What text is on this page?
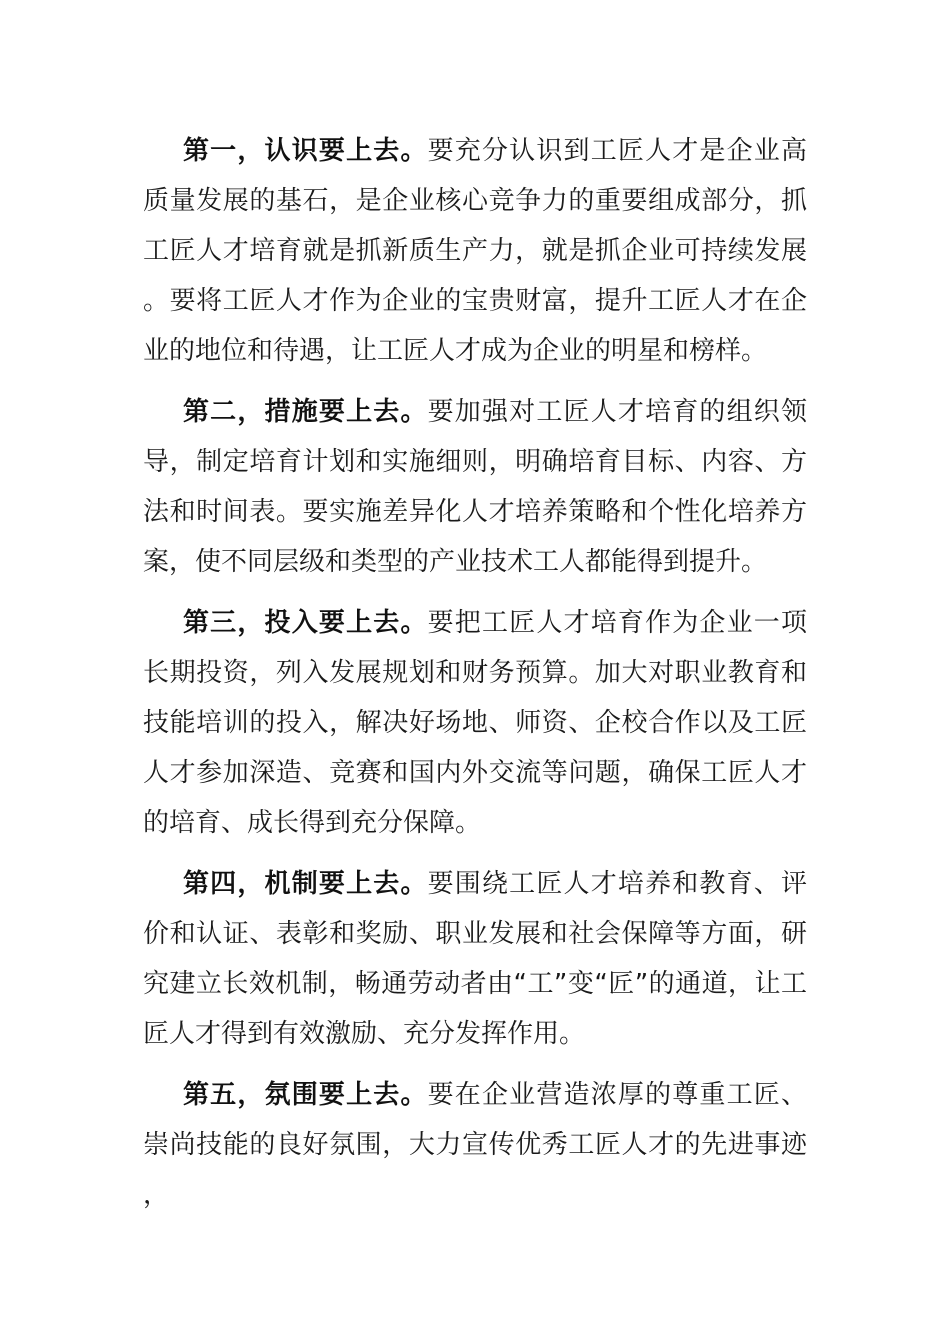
第一，认识要上去。要充分认识到工匠人才是企业高质量发展的基石，是企业核心竞争力的重要组成部分，抓工匠人才培育就是抓新质生产力，就是抓企业可持续发展。要将工匠人才作为企业的宝贵财富，提升工匠人才在企业的地位和待遇，让工匠人才成为企业的明星和榜样。

第二，措施要上去。要加强对工匠人才培育的组织领导，制定培育计划和实施细则，明确培育目标、内容、方法和时间表。要实施差异化人才培养策略和个性化培养方案，使不同层级和类型的产业技术工人都能得到提升。

第三，投入要上去。要把工匠人才培育作为企业一项长期投资，列入发展规划和财务预算。加大对职业教育和技能培训的投入，解决好场地、师资、企校合作以及工匠人才参加深造、竞赛和国内外交流等问题，确保工匠人才的培育、成长得到充分保障。

第四，机制要上去。要围绕工匠人才培养和教育、评价和认证、表彰和奖励、职业发展和社会保障等方面，研究建立长效机制，畅通劳动者由“工”变“匠”的通道，让工匠人才得到有效激励、充分发挥作用。

第五，氛围要上去。要在企业营造浓厚的尊重工匠、崇尚技能的良好氛围，大力宣传优秀工匠人才的先进事迹，
